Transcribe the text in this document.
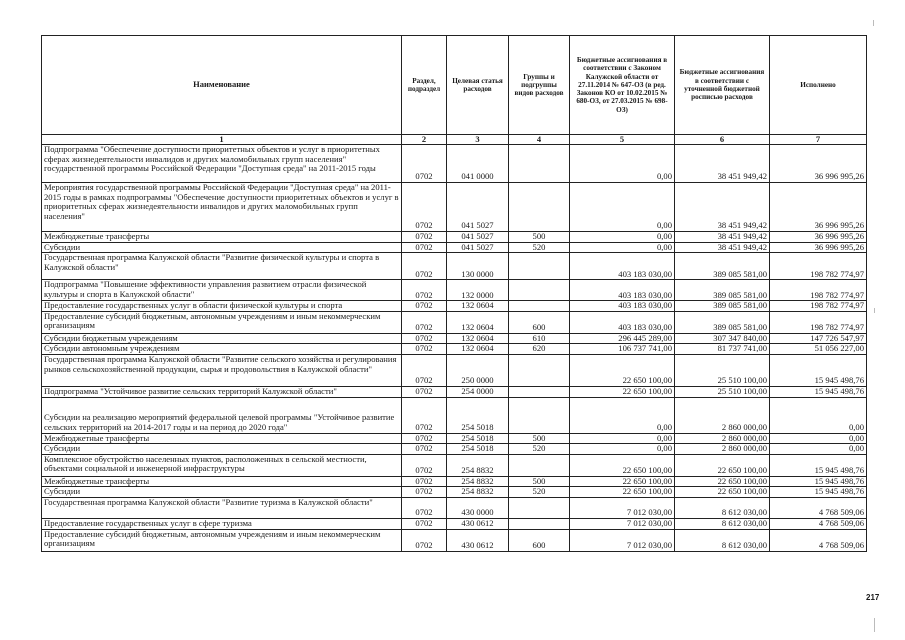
Наименование	Раздел, подраздел	Целевая статья расходов	Группы и подгруппы видов расходов	Бюджетные ассигнования в соответствии с Законом Калужской области от 27.11.2014 № 647-ОЗ (в ред. Законов КО от 10.02.2015 № 680-ОЗ, от 27.03.2015 № 698-ОЗ)	Бюджетные ассигнования в соответствии с уточненной бюджетной росписью расходов	Исполнено
1	2	3	4	5	6	7
Подпрограмма "Обеспечение доступности приоритетных объектов и услуг в приоритетных сферах жизнедеятельности инвалидов и других маломобильных групп населения" государственной программы Российской Федерации "Доступная среда" на 2011-2015 годы	0702	041 0000		0,00	38 451 949,42	36 996 995,26
Мероприятия государственной программы Российской Федерации "Доступная среда" на 2011-2015 годы в рамках подпрограммы "Обеспечение доступности приоритетных объектов и услуг в приоритетных сферах жизнедеятельности инвалидов и других маломобильных групп населения"	0702	041 5027		0,00	38 451 949,42	36 996 995,26
Межбюджетные трансферты	0702	041 5027	500	0,00	38 451 949,42	36 996 995,26
Субсидии	0702	041 5027	520	0,00	38 451 949,42	36 996 995,26
Государственная программа Калужской области "Развитие физической культуры и спорта в Калужской области"	0702	130 0000		403 183 030,00	389 085 581,00	198 782 774,97
Подпрограмма "Повышение эффективности управления развитием отрасли физической культуры и спорта в Калужской области"	0702	132 0000		403 183 030,00	389 085 581,00	198 782 774,97
Предоставление государственных услуг в области физической культуры и спорта	0702	132 0604		403 183 030,00	389 085 581,00	198 782 774,97
Предоставление субсидий бюджетным, автономным учреждениям и иным некоммерческим организациям	0702	132 0604	600	403 183 030,00	389 085 581,00	198 782 774,97
Субсидии бюджетным учреждениям	0702	132 0604	610	296 445 289,00	307 347 840,00	147 726 547,97
Субсидии автономным учреждениям	0702	132 0604	620	106 737 741,00	81 737 741,00	51 056 227,00
Государственная программа Калужской области "Развитие сельского хозяйства и регулирования рынков сельскохозяйственной продукции, сырья и продовольствия в Калужской области"	0702	250 0000		22 650 100,00	25 510 100,00	15 945 498,76
Подпрограмма "Устойчивое развитие сельских территорий Калужской области"	0702	254 0000		22 650 100,00	25 510 100,00	15 945 498,76
Субсидии на реализацию мероприятий федеральной целевой программы "Устойчивое развитие сельских территорий на 2014-2017 годы и на период до 2020 года"	0702	254 5018		0,00	2 860 000,00	0,00
Межбюджетные трансферты	0702	254 5018	500	0,00	2 860 000,00	0,00
Субсидии	0702	254 5018	520	0,00	2 860 000,00	0,00
Комплексное обустройство населенных пунктов, расположенных в сельской местности, объектами социальной и инженерной инфраструктуры	0702	254 8832		22 650 100,00	22 650 100,00	15 945 498,76
Межбюджетные трансферты	0702	254 8832	500	22 650 100,00	22 650 100,00	15 945 498,76
Субсидии	0702	254 8832	520	22 650 100,00	22 650 100,00	15 945 498,76
Государственная программа Калужской области "Развитие туризма в Калужской области"	0702	430 0000		7 012 030,00	8 612 030,00	4 768 509,06
Предоставление государственных услуг в сфере туризма	0702	430 0612		7 012 030,00	8 612 030,00	4 768 509,06
Предоставление субсидий бюджетным, автономным учреждениям и иным некоммерческим организациям	0702	430 0612	600	7 012 030,00	8 612 030,00	4 768 509,06
217
